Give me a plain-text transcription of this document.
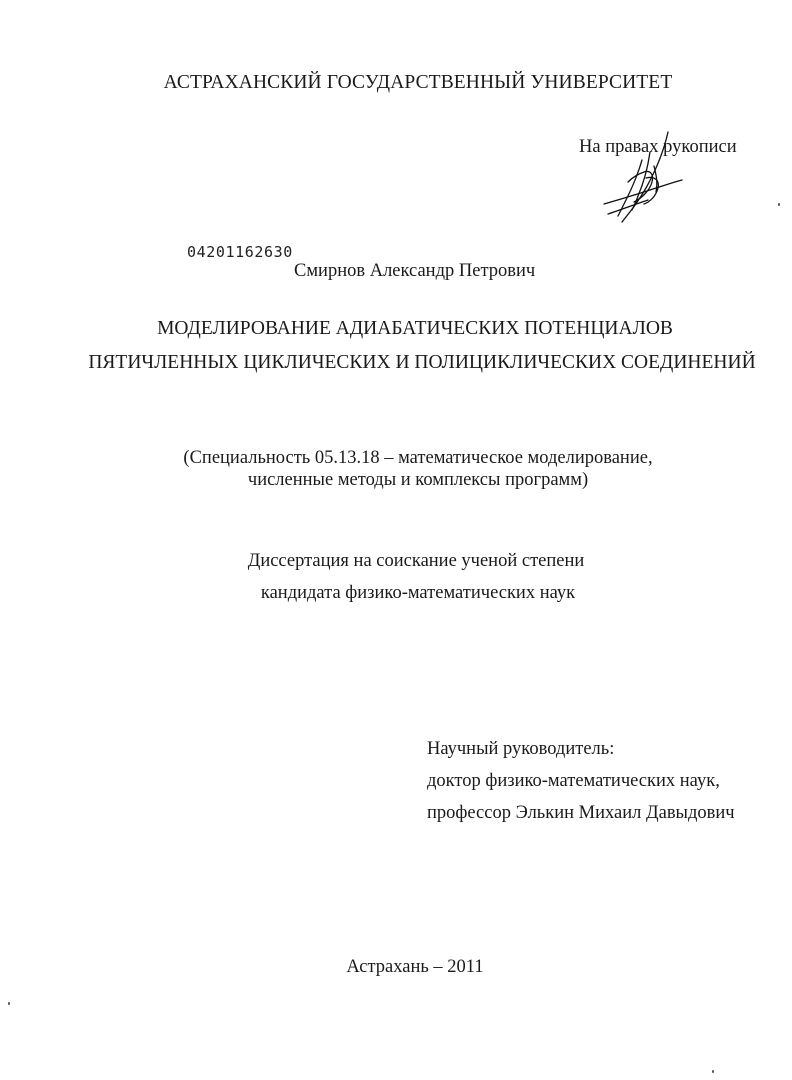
АСТРАХАНСКИЙ ГОСУДАРСТВЕННЫЙ УНИВЕРСИТЕТ
На правах рукописи
04201162630
Смирнов Александр Петрович
МОДЕЛИРОВАНИЕ АДИАБАТИЧЕСКИХ ПОТЕНЦИАЛОВ
ПЯТИЧЛЕННЫХ ЦИКЛИЧЕСКИХ И ПОЛИЦИКЛИЧЕСКИХ СОЕДИНЕНИЙ
(Специальность 05.13.18 – математическое моделирование,
численные методы и комплексы программ)
Диссертация на соискание ученой степени
кандидата физико-математических наук
Научный руководитель:
доктор физико-математических наук,
профессор Элькин Михаил Давыдович
Астрахань – 2011
